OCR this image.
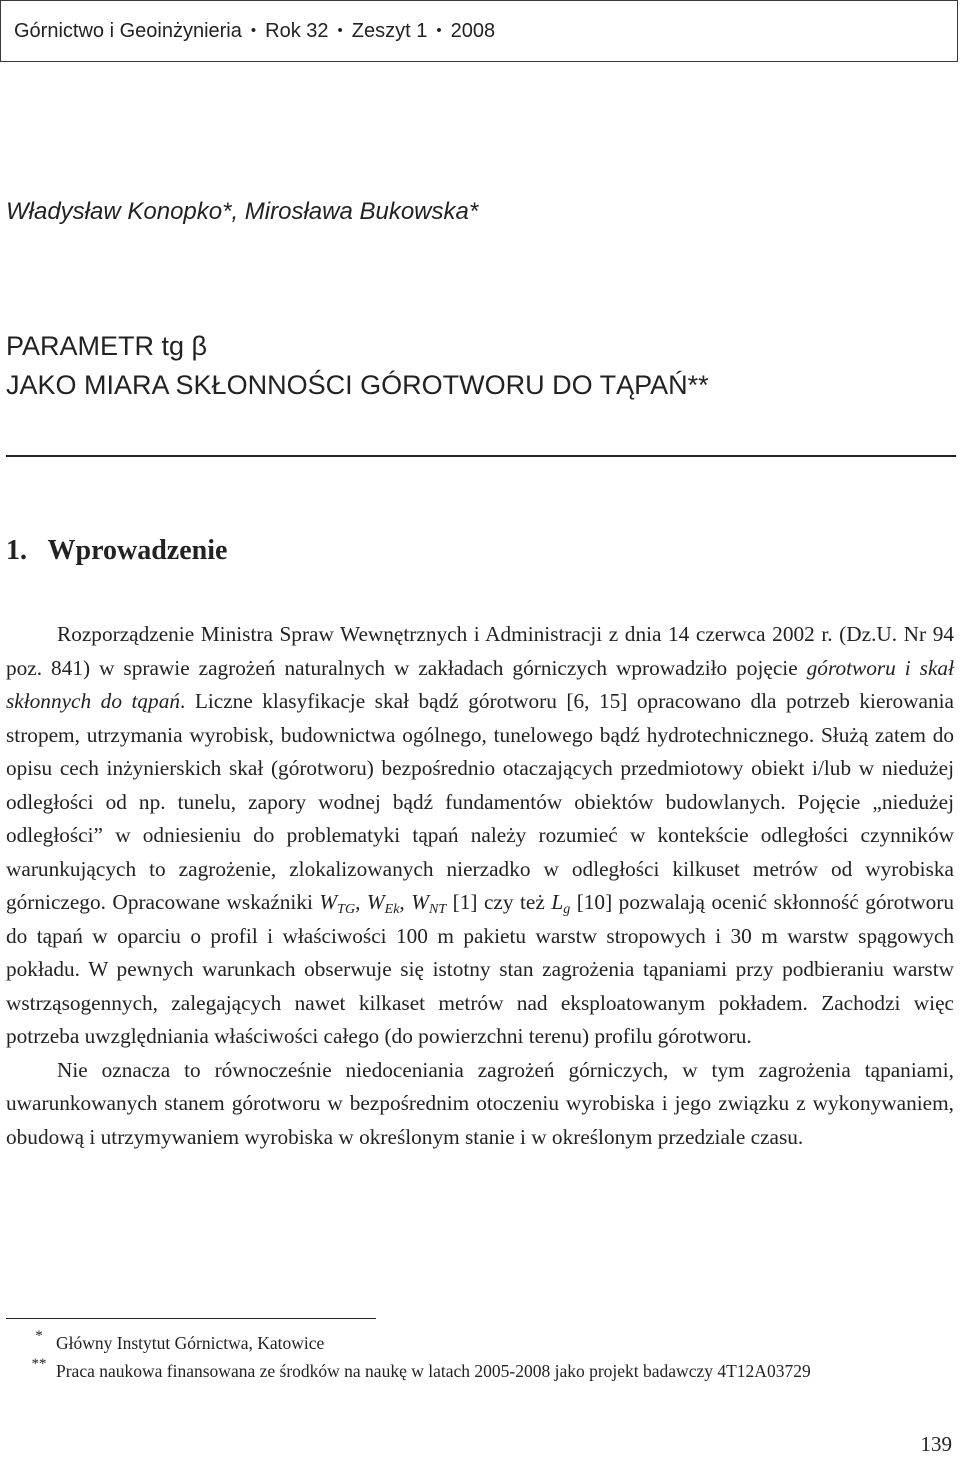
Górnictwo i Geoinżynieria • Rok 32 • Zeszyt 1 • 2008
Władysław Konopko*, Mirosława Bukowska*
PARAMETR tg β
JAKO MIARA SKŁONNOŚCI GÓROTWORU DO TĄPAŃ**
1. Wprowadzenie

Rozporządzenie Ministra Spraw Wewnętrznych i Administracji z dnia 14 czerwca 2002 r. (Dz.U. Nr 94 poz. 841) w sprawie zagrożeń naturalnych w zakładach górniczych wprowadziło pojęcie górotworu i skał skłonnych do tąpań. Liczne klasyfikacje skał bądź górotworu [6, 15] opracowano dla potrzeb kierowania stropem, utrzymania wyrobisk, budownictwa ogólnego, tunelowego bądź hydrotechnicznego. Służą zatem do opisu cech inżynierskich skał (górotworu) bezpośrednio otaczających przedmiotowy obiekt i/lub w niedużej odległości od np. tunelu, zapory wodnej bądź fundamentów obiektów budowlanych. Pojęcie „niedużej odległości” w odniesieniu do problematyki tąpań należy rozumieć w kontekście odległości czynników warunkujących to zagrożenie, zlokalizowanych nierzadko w odległości kilkuset metrów od wyrobiska górniczego. Opracowane wskaźniki $W_{TG}$, $W_{Ek}$, $W_{NT}$ [1] czy też $L_g$ [10] pozwalają ocenić skłonność górotworu do tąpań w oparciu o profil i właściwości 100 m pakietu warstw stropowych i 30 m warstw spągowych pokładu. W pewnych warunkach obserwuje się istotny stan zagrożenia tąpaniami przy podbieraniu warstw wstrząsogennych, zalegających nawet kilkaset metrów nad eksploatowanym pokładem. Zachodzi więc potrzeba uwzględniania właściwości całego (do powierzchni terenu) profilu górotworu.

Nie oznacza to równocześnie niedoceniania zagrożeń górniczych, w tym zagrożenia tąpaniami, uwarunkowanych stanem górotworu w bezpośrednim otoczeniu wyrobiska i jego związku z wykonywaniem, obudową i utrzymywaniem wyrobiska w określonym stanie i w określonym przedziale czasu.

* Główny Instytut Górnictwa, Katowice
** Praca naukowa finansowana ze środków na naukę w latach 2005-2008 jako projekt badawczy 4T12A03729
139
